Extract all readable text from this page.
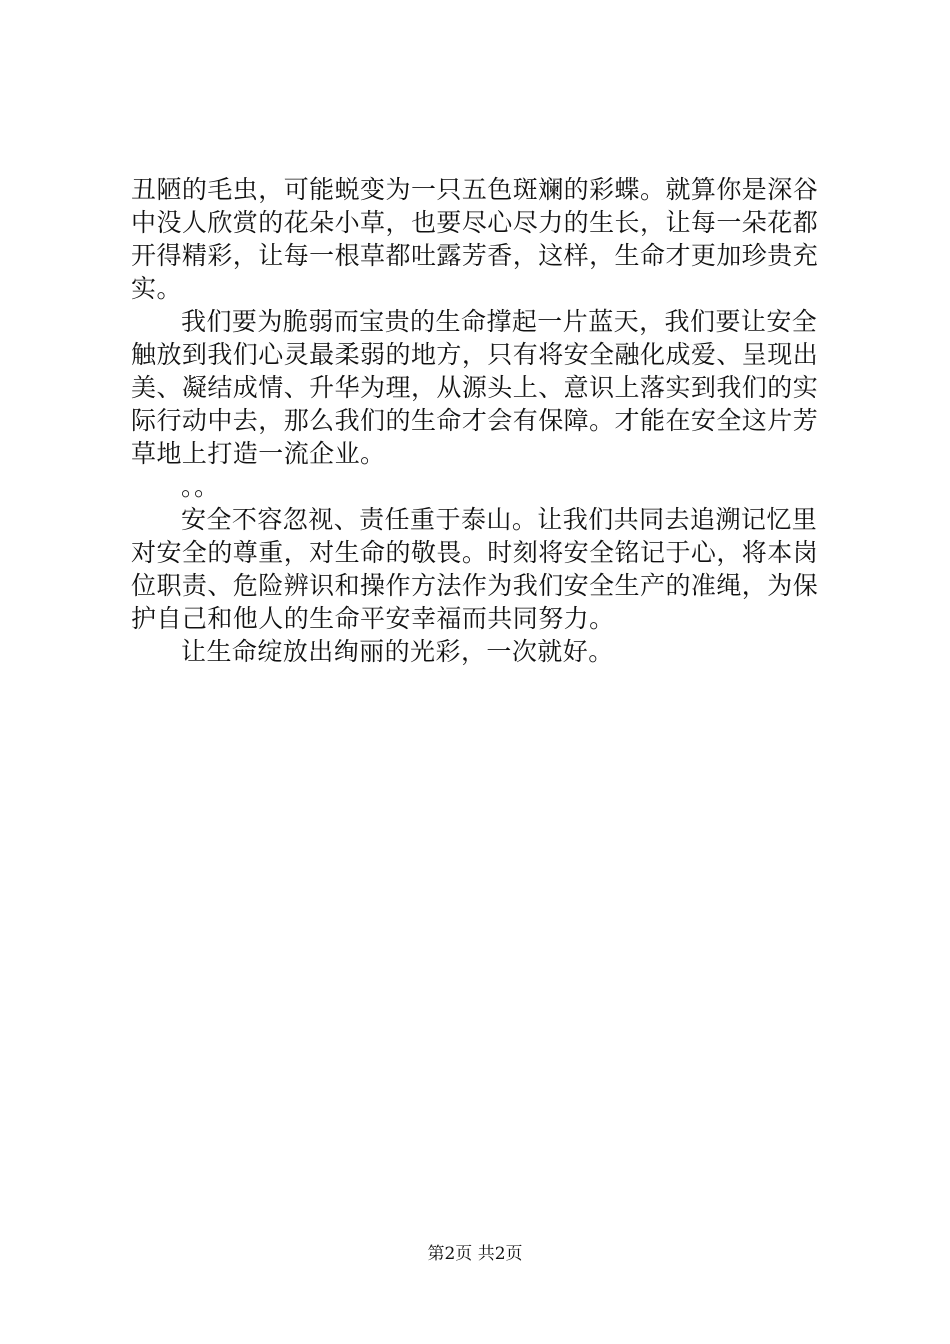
丑陋的毛虫，可能蜕变为一只五色斑斓的彩蝶。就算你是深谷
中没人欣赏的花朵小草，也要尽心尽力的生长，让每一朵花都
开得精彩，让每一根草都吐露芳香，这样，生命才更加珍贵充
实。
我们要为脆弱而宝贵的生命撑起一片蓝天，我们要让安全
触放到我们心灵最柔弱的地方，只有将安全融化成爱、呈现出
美、凝结成情、升华为理，从源头上、意识上落实到我们的实
际行动中去，那么我们的生命才会有保障。才能在安全这片芳
草地上打造一流企业。
。。
安全不容忽视、责任重于泰山。让我们共同去追溯记忆里
对安全的尊重，对生命的敬畏。时刻将安全铭记于心，将本岗
位职责、危险辨识和操作方法作为我们安全生产的准绳，为保
护自己和他人的生命平安幸福而共同努力。
让生命绽放出绚丽的光彩，一次就好。
第2页 共2页
